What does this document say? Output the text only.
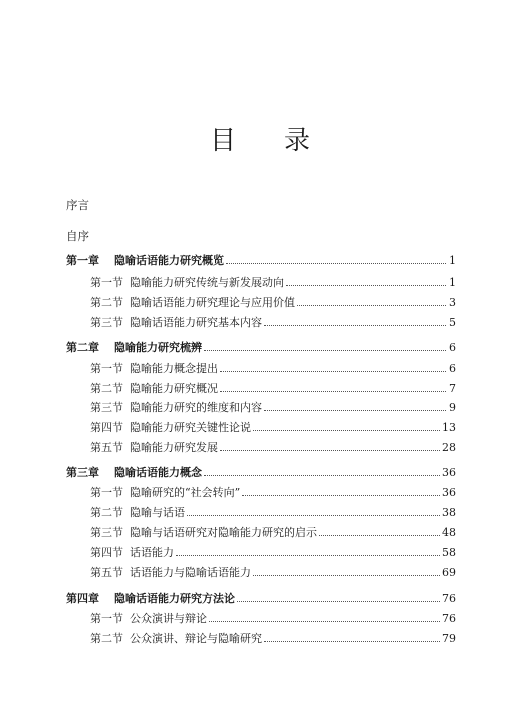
目 录
序言
自序
第一章	隐喻话语能力研究概览	1
第一节 隐喻能力研究传统与新发展动向	1
第二节 隐喻话语能力研究理论与应用价值	3
第三节 隐喻话语能力研究基本内容	5
第二章	隐喻能力研究梳辨	6
第一节 隐喻能力概念提出	6
第二节 隐喻能力研究概况	7
第三节 隐喻能力研究的维度和内容	9
第四节 隐喻能力研究关键性论说	13
第五节 隐喻能力研究发展	28
第三章	隐喻话语能力概念	36
第一节 隐喻研究的“社会转向”	36
第二节 隐喻与话语	38
第三节 隐喻与话语研究对隐喻能力研究的启示	48
第四节 话语能力	58
第五节 话语能力与隐喻话语能力	69
第四章	隐喻话语能力研究方法论	76
第一节 公众演讲与辩论	76
第二节 公众演讲、辩论与隐喻研究	79
